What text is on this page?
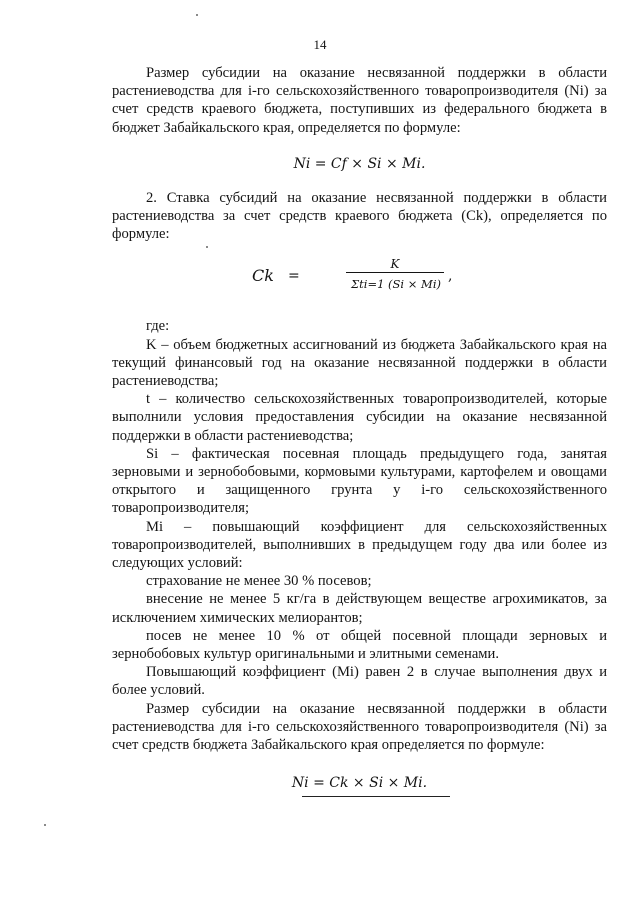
14

Размер субсидии на оказание несвязанной поддержки в области растениеводства для i-го сельскохозяйственного товаропроизводителя (Ni) за счет средств краевого бюджета, поступивших из федерального бюджета в бюджет Забайкальского края, определяется по формуле:

Ni = Cf × Si × Mi.

2. Ставка субсидий на оказание несвязанной поддержки в области растениеводства за счет средств краевого бюджета (Ck), определяется по формуле:

Ck =
K
Σti=1 (Si × Mi) ,

где:

K – объем бюджетных ассигнований из бюджета Забайкальского края на текущий финансовый год на оказание несвязанной поддержки в области растениеводства;

t – количество сельскохозяйственных товаропроизводителей, которые выполнили условия предоставления субсидии на оказание несвязанной поддержки в области растениеводства;

Si – фактическая посевная площадь предыдущего года, занятая зерновыми и зернобобовыми, кормовыми культурами, картофелем и овощами открытого и защищенного грунта у i-го сельскохозяйственного товаропроизводителя;

Mi – повышающий коэффициент для сельскохозяйственных товаропроизводителей, выполнивших в предыдущем году два или более из следующих условий:

страхование не менее 30 % посевов;

внесение не менее 5 кг/га в действующем веществе агрохимикатов, за исключением химических мелиорантов;

посев не менее 10 % от общей посевной площади зерновых и зернобобовых культур оригинальными и элитными семенами.

Повышающий коэффициент (Mi) равен 2 в случае выполнения двух и более условий.

Размер субсидии на оказание несвязанной поддержки в области растениеводства для i-го сельскохозяйственного товаропроизводителя (Ni) за счет средств бюджета Забайкальского края определяется по формуле:

Ni = Ck × Si × Mi.
